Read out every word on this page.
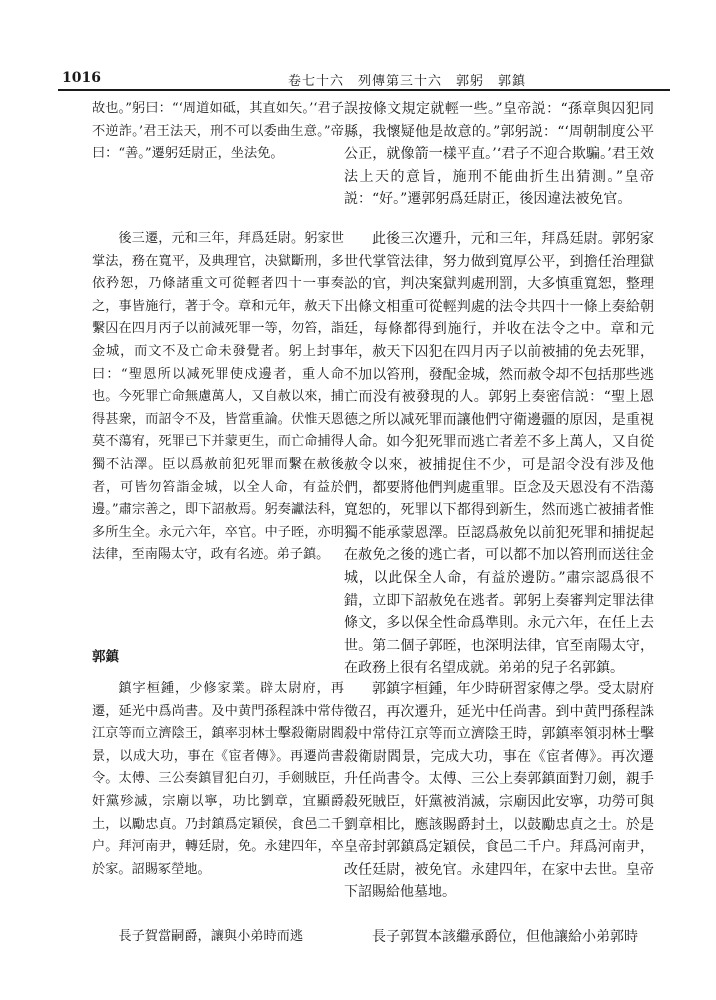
1016	卷七十六　列傳第三十六　郭躬　郭鎮

故也。”躬曰：“‘周道如砥，其直如矢。’‘君子不逆詐。’君王法天，刑不可以委曲生意。”帝曰：“善。”遷躬廷尉正，坐法免。

後三遷，元和三年，拜爲廷尉。躬家世掌法，務在寬平，及典理官，决獄斷刑，多依矜恕，乃條諸重文可從輕者四十一事奏之，事皆施行，著于令。章和元年，赦天下繫囚在四月丙子以前減死罪一等，勿笞，詣金城，而文不及亡命未發覺者。躬上封事曰：“聖恩所以减死罪使戍邊者，重人命也。今死罪亡命無慮萬人，又自赦以來，捕得甚衆，而詔令不及，皆當重論。伏惟天恩莫不蕩宥，死罪已下并蒙更生，而亡命捕得獨不沾澤。臣以爲赦前犯死罪而繫在赦後者，可皆勿笞詣金城，以全人命，有益於邊。”肅宗善之，即下詔赦焉。躬奏讞法科，多所生全。永元六年，卒官。中子晊，亦明法律，至南陽太守，政有名迹。弟子鎮。

郭鎮

鎮字桓鍾，少修家業。辟太尉府，再遷，延光中爲尚書。及中黄門孫程誅中常侍江京等而立濟陰王，鎮率羽林士擊殺衛尉閻景，以成大功，事在《宦者傳》。再遷尚書令。太傅、三公奏鎮冒犯白刃，手劍賊臣，奸黨殄滅，宗廟以寧，功比劉章，宜顯爵土，以勵忠貞。乃封鎮爲定穎侯，食邑二千户。拜河南尹，轉廷尉，免。永建四年，卒於家。詔賜冢塋地。

長子賀當嗣爵，讓與小弟時而逃

誤按條文規定就輕一些。”皇帝説：“孫章與囚犯同縣，我懷疑他是故意的。”郭躬説：“‘周朝制度公平公正，就像箭一樣平直。’‘君子不迎合欺騙。’君王效法上天的意旨，施刑不能曲折生出猜測。”皇帝説：“好。”遷郭躬爲廷尉正，後因違法被免官。

此後三次遷升，元和三年，拜爲廷尉。郭躬家世代掌管法律，努力做到寬厚公平，到擔任治理獄訟的官，判决案獄判處刑罰，大多慎重寬恕，整理出條文相重可從輕判處的法令共四十一條上奏給朝廷，每條都得到施行，并收在法令之中。章和元年，赦天下囚犯在四月丙子以前被捕的免去死罪，不加以笞刑，發配金城，然而赦令却不包括那些逃亡而没有被發現的人。郭躬上奏密信説：“聖上恩德之所以减死罪而讓他們守衛邊疆的原因，是重視人命。如今犯死罪而逃亡者差不多上萬人，又自從赦令以來，被捕捉住不少，可是詔令没有涉及他們，都要將他們判處重罪。臣念及天恩没有不浩蕩寬恕的，死罪以下都得到新生，然而逃亡被捕者惟獨不能承蒙恩澤。臣認爲赦免以前犯死罪和捕捉起在赦免之後的逃亡者，可以都不加以笞刑而送往金城，以此保全人命，有益於邊防。”肅宗認爲很不錯，立即下詔赦免在逃者。郭躬上奏審判定罪法律條文，多以保全性命爲準則。永元六年，在任上去世。第二個子郭晊，也深明法律，官至南陽太守，在政務上很有名望成就。弟弟的兒子名郭鎮。

郭鎮字桓鍾，年少時研習家傳之學。受太尉府徵召，再次遷升，延光中任尚書。到中黄門孫程誅殺中常侍江京等而立濟陰王時，郭鎮率領羽林士擊殺衛尉閻景，完成大功，事在《宦者傳》。再次遷升任尚書令。太傅、三公上奏郭鎮面對刀劍，親手殺死賊臣，奸黨被消滅，宗廟因此安寧，功勞可與劉章相比，應該賜爵封土，以鼓勵忠貞之士。於是皇帝封郭鎮爲定穎侯，食邑二千户。拜爲河南尹，改任廷尉，被免官。永建四年，在家中去世。皇帝下詔賜給他墓地。

長子郭賀本該繼承爵位，但他讓給小弟郭時
